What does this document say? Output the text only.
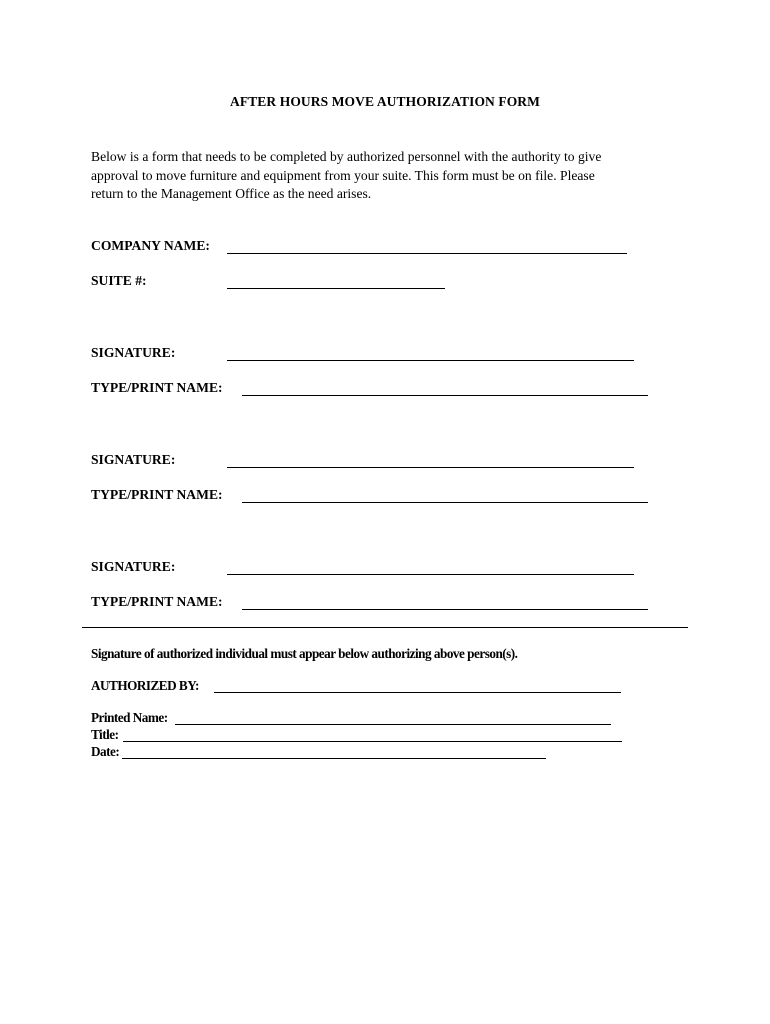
AFTER HOURS MOVE AUTHORIZATION FORM
Below is a form that needs to be completed by authorized personnel with the authority to give
approval to move furniture and equipment from your suite. This form must be on file. Please
return to the Management Office as the need arises.
COMPANY NAME:
SUITE #:
SIGNATURE:
TYPE/PRINT NAME:
SIGNATURE:
TYPE/PRINT NAME:
SIGNATURE:
TYPE/PRINT NAME:
Signature of authorized individual must appear below authorizing above person(s).
AUTHORIZED BY:
Printed Name:
Title:
Date:
